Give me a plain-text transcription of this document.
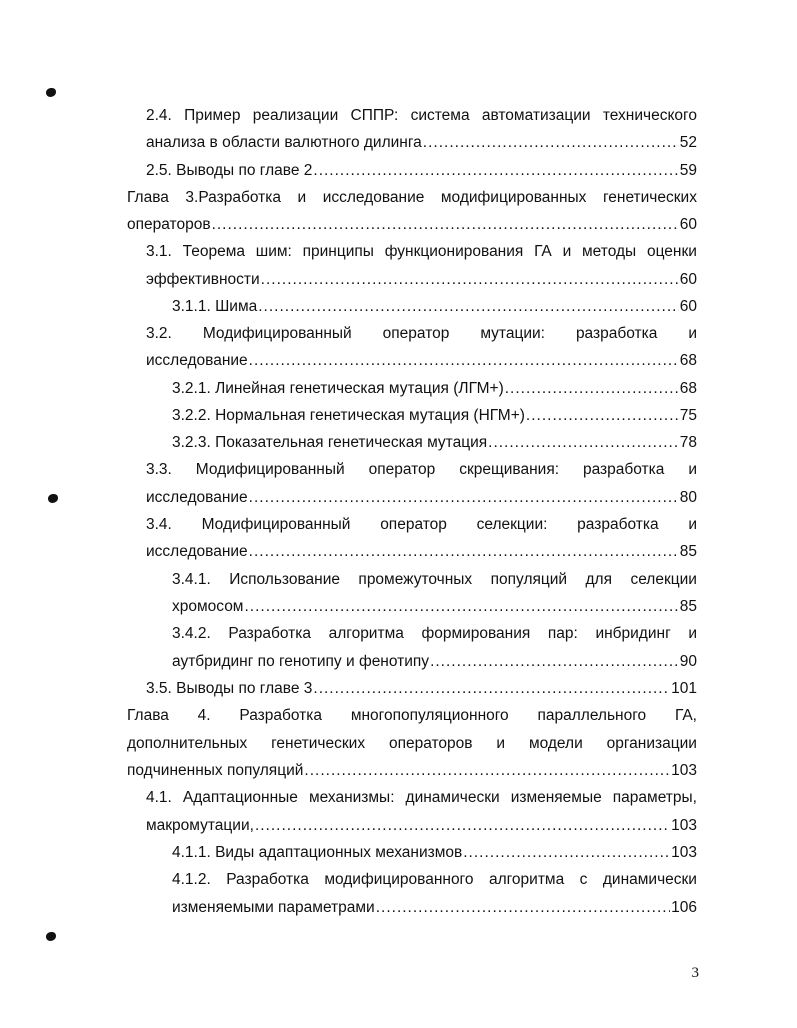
2.4. Пример реализации СППР: система автоматизации технического
анализа в области валютного дилинга .....	52
2.5. Выводы по главе 2 .....	59
Глава 3.Разработка и исследование модифицированных генетических
операторов .....	60
3.1. Теорема шим: принципы функционирования ГА и методы оценки
эффективности .....	60
3.1.1. Шима .....	60
3.2. Модифицированный оператор мутации: разработка и
исследование .....	68
3.2.1. Линейная генетическая мутация (ЛГМ+) .....	68
3.2.2. Нормальная генетическая мутация (НГМ+) .....	75
3.2.3. Показательная генетическая мутация .....	78
3.3. Модифицированный оператор скрещивания: разработка и
исследование .....	80
3.4. Модифицированный оператор селекции: разработка и
исследование .....	85
3.4.1. Использование промежуточных популяций для селекции
хромосом .....	85
3.4.2. Разработка алгоритма формирования пар: инбридинг и
аутбридинг по генотипу и фенотипу .....	90
3.5. Выводы по главе 3 .....	101
Глава 4. Разработка многопопуляционного параллельного ГА,
дополнительных генетических операторов и модели организации
подчиненных популяций .....	103
4.1. Адаптационные механизмы: динамически изменяемые параметры,
макромутации, .....	103
4.1.1. Виды адаптационных механизмов .....	103
4.1.2. Разработка модифицированного алгоритма с динамически
изменяемыми параметрами .....	106
3
